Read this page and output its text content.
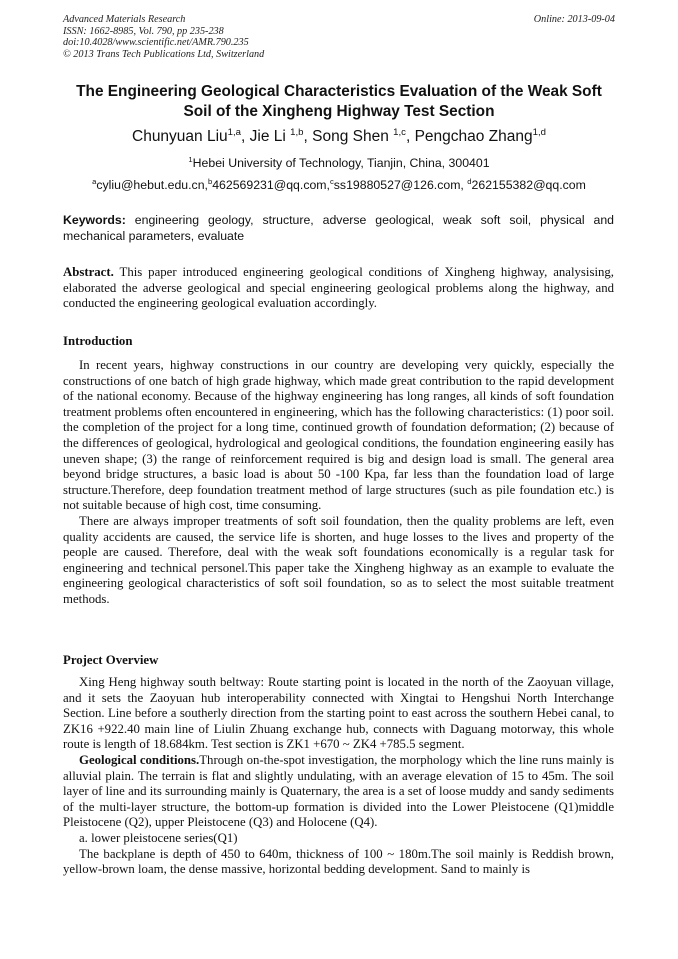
Advanced Materials Research
ISSN: 1662-8985, Vol. 790, pp 235-238
doi:10.4028/www.scientific.net/AMR.790.235
© 2013 Trans Tech Publications Ltd, Switzerland
Online: 2013-09-04
The Engineering Geological Characteristics Evaluation of the Weak Soft
Soil of the Xingheng Highway Test Section
Chunyuan Liu$^{1,a}$, Jie Li $^{1,b}$, Song Shen $^{1,c}$, Pengchao Zhang$^{1,d}$
$^1$Hebei University of Technology, Tianjin, China, 300401
$^a$cyliu@hebut.edu.cn,$^b$462569231@qq.com,$^c$ss19880527@126.com, $^d$262155382@qq.com
Keywords: engineering geology, structure, adverse geological, weak soft soil, physical and mechanical parameters, evaluate

Abstract. This paper introduced engineering geological conditions of Xingheng highway, analysising, elaborated the adverse geological and special engineering geological problems along the highway, and conducted the engineering geological evaluation accordingly.

Introduction

In recent years, highway constructions in our country are developing very quickly, especially the constructions of one batch of high grade highway, which made great contribution to the rapid development of the national economy. Because of the highway engineering has long ranges, all kinds of soft foundation treatment problems often encountered in engineering, which has the following characteristics: (1) poor soil. the completion of the project for a long time, continued growth of foundation deformation; (2) because of the differences of geological, hydrological and geological conditions, the foundation engineering easily has uneven shape; (3) the range of reinforcement required is big and design load is small. The general area beyond bridge structures, a basic load is about 50 -100 Kpa, far less than the foundation load of large structure.Therefore, deep foundation treatment method of large structures (such as pile foundation etc.) is not suitable because of high cost, time consuming.

There are always improper treatments of soft soil foundation, then the quality problems are left, even quality accidents are caused, the service life is shorten, and huge losses to the lives and property of the people are caused. Therefore, deal with the weak soft foundations economically is a regular task for engineering and technical personel.This paper take the Xingheng highway as an example to evaluate the engineering geological characteristics of soft soil foundation, so as to select the most suitable treatment methods.

Project Overview

Xing Heng highway south beltway: Route starting point is located in the north of the Zaoyuan village, and it sets the Zaoyuan hub interoperability connected with Xingtai to Hengshui North Interchange Section. Line before a southerly direction from the starting point to east across the southern Hebei canal, to ZK16 +922.40 main line of Liulin Zhuang exchange hub, connects with Daguang motorway, this whole route is length of 18.684km. Test section is ZK1 +670 ~ ZK4 +785.5 segment.

Geological conditions.Through on-the-spot investigation, the morphology which the line runs mainly is alluvial plain. The terrain is flat and slightly undulating, with an average elevation of 15 to 45m. The soil layer of line and its surrounding mainly is Quaternary, the area is a set of loose muddy and sandy sediments of the multi-layer structure, the bottom-up formation is divided into the Lower Pleistocene (Q1)middle Pleistocene (Q2), upper Pleistocene (Q3) and Holocene (Q4).

a. lower pleistocene series(Q1)

The backplane is depth of 450 to 640m, thickness of 100 ~ 180m.The soil mainly is Reddish brown, yellow-brown loam, the dense massive, horizontal bedding development. Sand to mainly is
